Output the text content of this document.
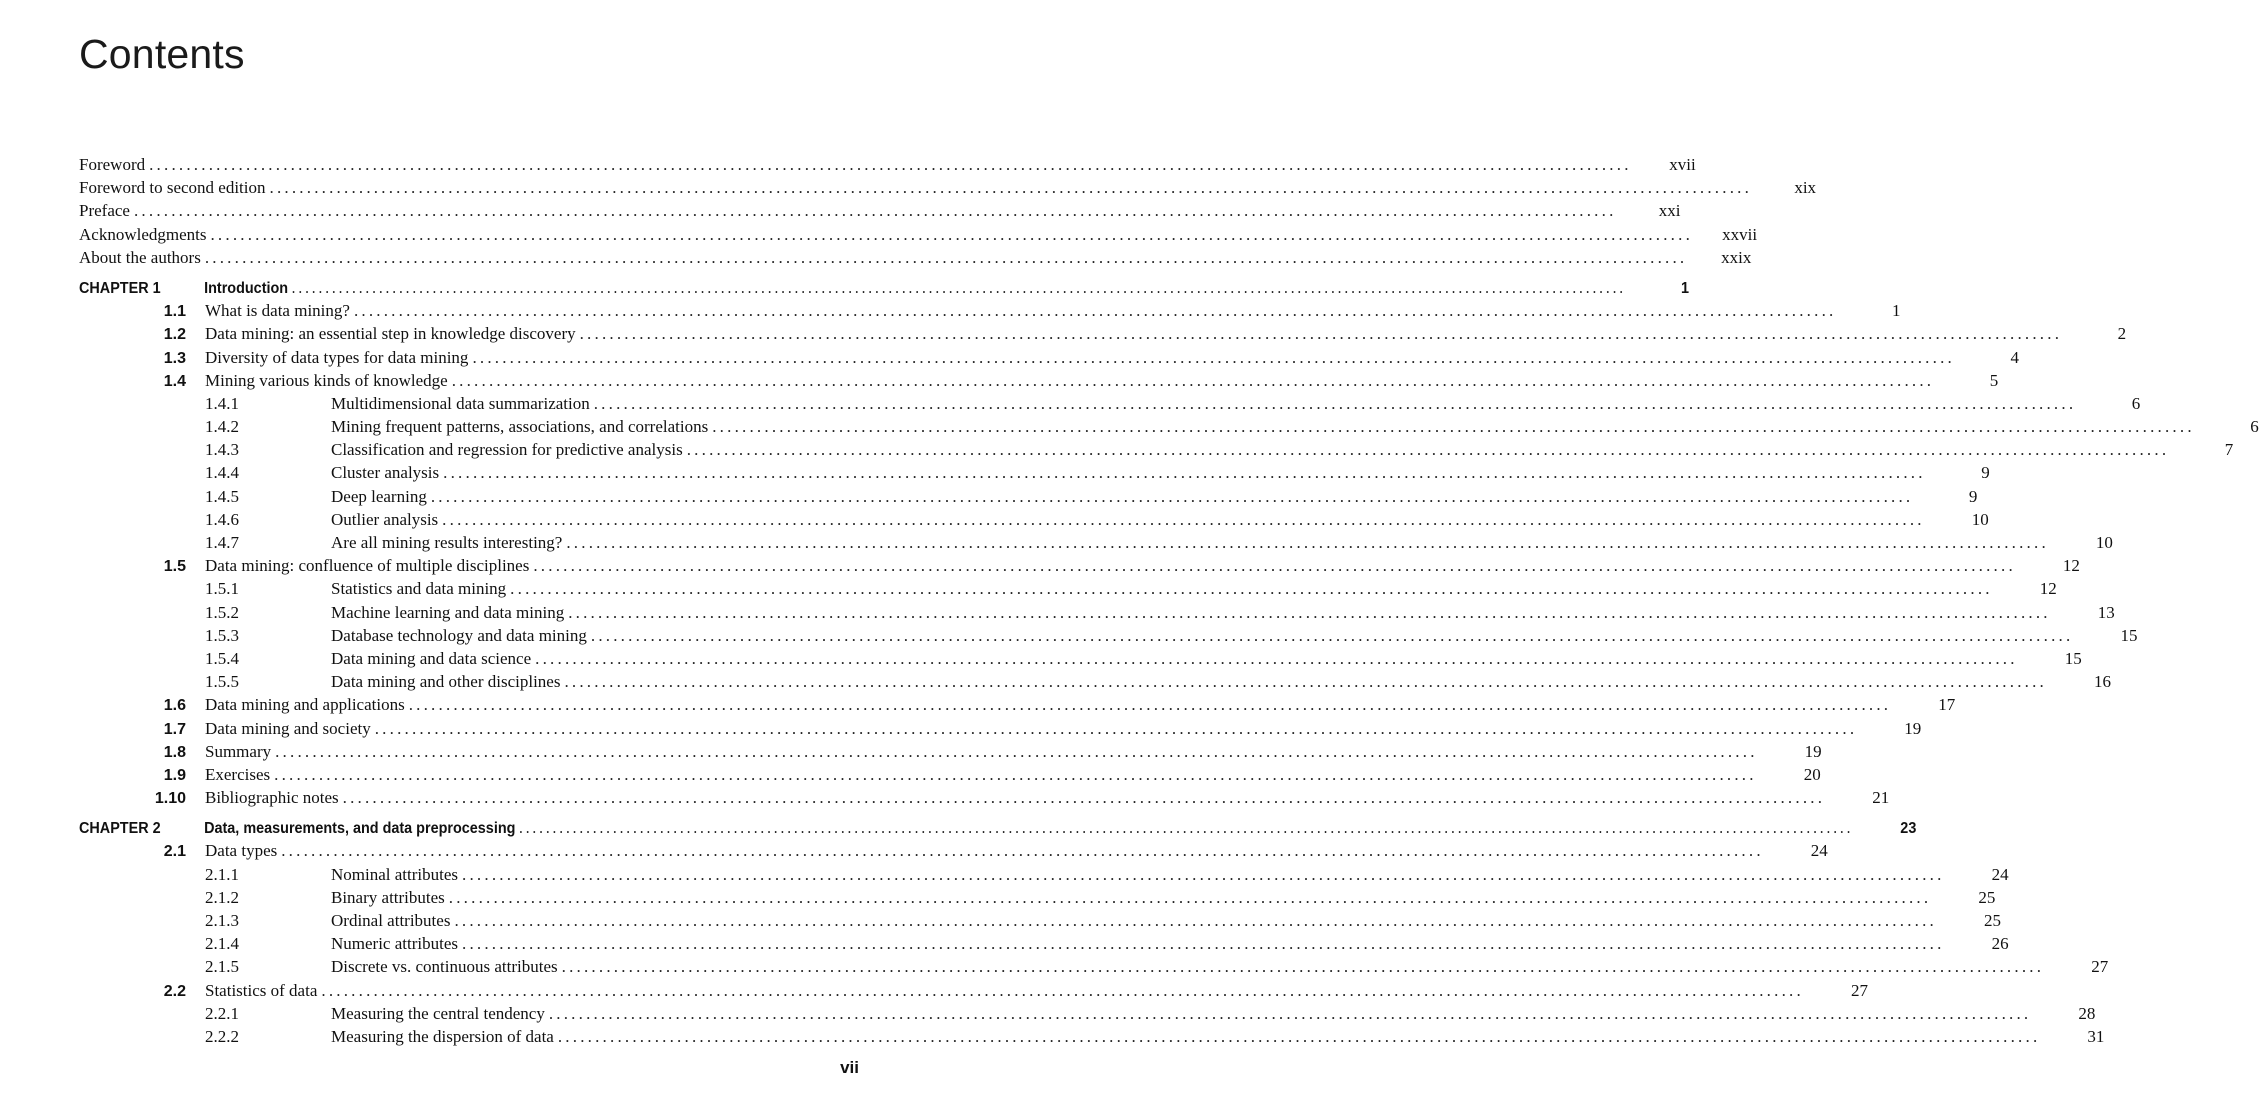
Contents
Foreword .......................................................................................................................................................................................................	xvii
Foreword to second edition .......................................................................................................................................................................................................	xix
Preface .......................................................................................................................................................................................................	xxi
Acknowledgments .......................................................................................................................................................................................................	xxvii
About the authors .......................................................................................................................................................................................................	xxix
CHAPTER 1	Introduction .......................................................................................................................................................................................................	1
1.1	What is data mining? .......................................................................................................................................................................................................	1
1.2	Data mining: an essential step in knowledge discovery .......................................................................................................................................................................................................	2
1.3	Diversity of data types for data mining .......................................................................................................................................................................................................	4
1.4	Mining various kinds of knowledge .......................................................................................................................................................................................................	5
1.4.1	Multidimensional data summarization .......................................................................................................................................................................................................	6
1.4.2	Mining frequent patterns, associations, and correlations .......................................................................................................................................................................................................	6
1.4.3	Classification and regression for predictive analysis .......................................................................................................................................................................................................	7
1.4.4	Cluster analysis .......................................................................................................................................................................................................	9
1.4.5	Deep learning .......................................................................................................................................................................................................	9
1.4.6	Outlier analysis .......................................................................................................................................................................................................	10
1.4.7	Are all mining results interesting? .......................................................................................................................................................................................................	10
1.5	Data mining: confluence of multiple disciplines .......................................................................................................................................................................................................	12
1.5.1	Statistics and data mining .......................................................................................................................................................................................................	12
1.5.2	Machine learning and data mining .......................................................................................................................................................................................................	13
1.5.3	Database technology and data mining .......................................................................................................................................................................................................	15
1.5.4	Data mining and data science .......................................................................................................................................................................................................	15
1.5.5	Data mining and other disciplines .......................................................................................................................................................................................................	16
1.6	Data mining and applications .......................................................................................................................................................................................................	17
1.7	Data mining and society .......................................................................................................................................................................................................	19
1.8	Summary .......................................................................................................................................................................................................	19
1.9	Exercises .......................................................................................................................................................................................................	20
1.10	Bibliographic notes .......................................................................................................................................................................................................	21
CHAPTER 2	Data, measurements, and data preprocessing .......................................................................................................................................................................................................	23
2.1	Data types .......................................................................................................................................................................................................	24
2.1.1	Nominal attributes .......................................................................................................................................................................................................	24
2.1.2	Binary attributes .......................................................................................................................................................................................................	25
2.1.3	Ordinal attributes .......................................................................................................................................................................................................	25
2.1.4	Numeric attributes .......................................................................................................................................................................................................	26
2.1.5	Discrete vs. continuous attributes .......................................................................................................................................................................................................	27
2.2	Statistics of data .......................................................................................................................................................................................................	27
2.2.1	Measuring the central tendency .......................................................................................................................................................................................................	28
2.2.2	Measuring the dispersion of data .......................................................................................................................................................................................................	31
vii
